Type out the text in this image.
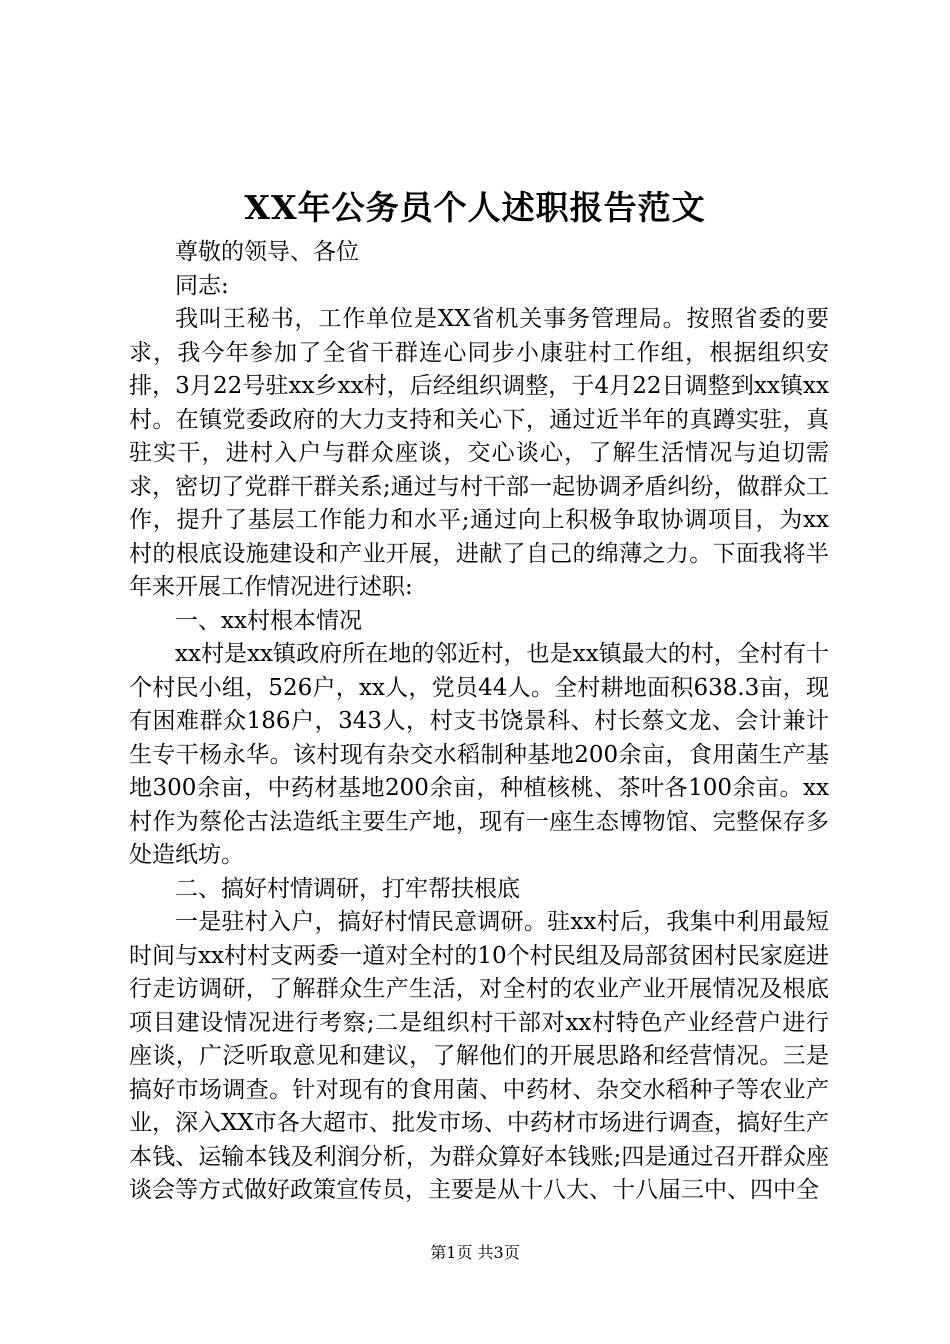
XX年公务员个人述职报告范文

尊敬的领导、各位

同志:

我叫王秘书，工作单位是XX省机关事务管理局。按照省委的要求，我今年参加了全省干群连心同步小康驻村工作组，根据组织安排，3月22号驻xx乡xx村，后经组织调整，于4月22日调整到xx镇xx村。在镇党委政府的大力支持和关心下，通过近半年的真蹲实驻，真驻实干，进村入户与群众座谈，交心谈心，了解生活情况与迫切需求，密切了党群干群关系;通过与村干部一起协调矛盾纠纷，做群众工作，提升了基层工作能力和水平;通过向上积极争取协调项目，为xx村的根底设施建设和产业开展，进献了自己的绵薄之力。下面我将半年来开展工作情况进行述职:

一、xx村根本情况

xx村是xx镇政府所在地的邻近村，也是xx镇最大的村，全村有十个村民小组，526户，xx人，党员44人。全村耕地面积638.3亩，现有困难群众186户，343人，村支书饶景科、村长蔡文龙、会计兼计生专干杨永华。该村现有杂交水稻制种基地200余亩，食用菌生产基地300余亩，中药材基地200余亩，种植核桃、茶叶各100余亩。xx村作为蔡伦古法造纸主要生产地，现有一座生态博物馆、完整保存多处造纸坊。

二、搞好村情调研，打牢帮扶根底

一是驻村入户，搞好村情民意调研。驻xx村后，我集中利用最短时间与xx村村支两委一道对全村的10个村民组及局部贫困村民家庭进行走访调研，了解群众生产生活，对全村的农业产业开展情况及根底项目建设情况进行考察;二是组织村干部对xx村特色产业经营户进行座谈，广泛听取意见和建议，了解他们的开展思路和经营情况。三是搞好市场调查。针对现有的食用菌、中药材、杂交水稻种子等农业产业，深入XX市各大超市、批发市场、中药材市场进行调查，搞好生产本钱、运输本钱及利润分析，为群众算好本钱账;四是通过召开群众座谈会等方式做好政策宣传员，主要是从十八大、十八届三中、四中全

第1页 共3页
